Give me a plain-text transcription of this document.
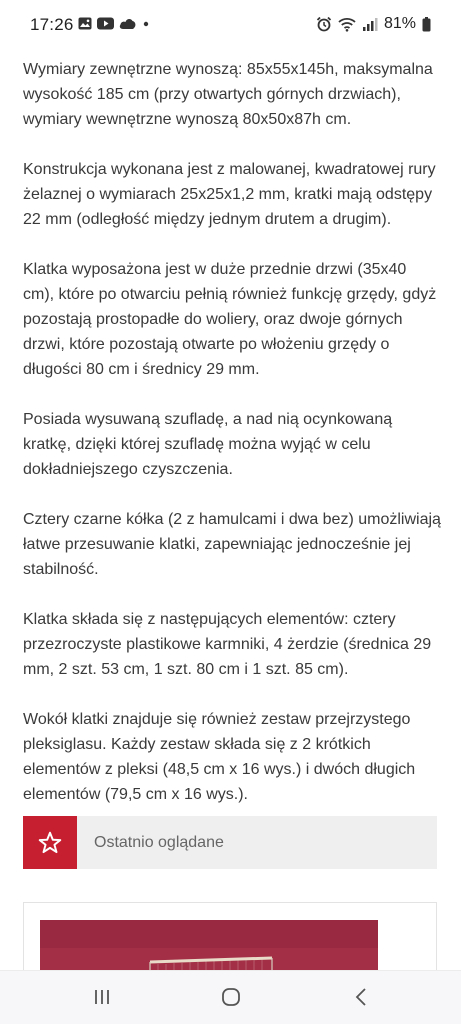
17:26	81%

Wymiary zewnętrzne wynoszą: 85x55x145h, maksymalna wysokość 185 cm (przy otwartych górnych drzwiach), wymiary wewnętrzne wynoszą 80x50x87h cm.

Konstrukcja wykonana jest z malowanej, kwadratowej rury żelaznej o wymiarach 25x25x1,2 mm, kratki mają odstępy 22 mm (odległość między jednym drutem a drugim).

Klatka wyposażona jest w duże przednie drzwi (35x40 cm), które po otwarciu pełnią również funkcję grzędy, gdyż pozostają prostopadłe do woliery, oraz dwoje górnych drzwi, które pozostają otwarte po włożeniu grzędy o długości 80 cm i średnicy 29 mm.

Posiada wysuwaną szufladę, a nad nią ocynkowaną kratkę, dzięki której szufladę można wyjąć w celu dokładniejszego czyszczenia.

Cztery czarne kółka (2 z hamulcami i dwa bez) umożliwiają łatwe przesuwanie klatki, zapewniając jednocześnie jej stabilność.

Klatka składa się z następujących elementów: cztery przezroczyste plastikowe karmniki, 4 żerdzie (średnica 29 mm, 2 szt. 53 cm, 1 szt. 80 cm i 1 szt. 85 cm).

Wokół klatki znajduje się również zestaw przejrzystego pleksiglasu. Każdy zestaw składa się z 2 krótkich elementów z pleksi (48,5 cm x 16 wys.) i dwóch długich elementów (79,5 cm x 16 wys.).

Ostatnio oglądane
